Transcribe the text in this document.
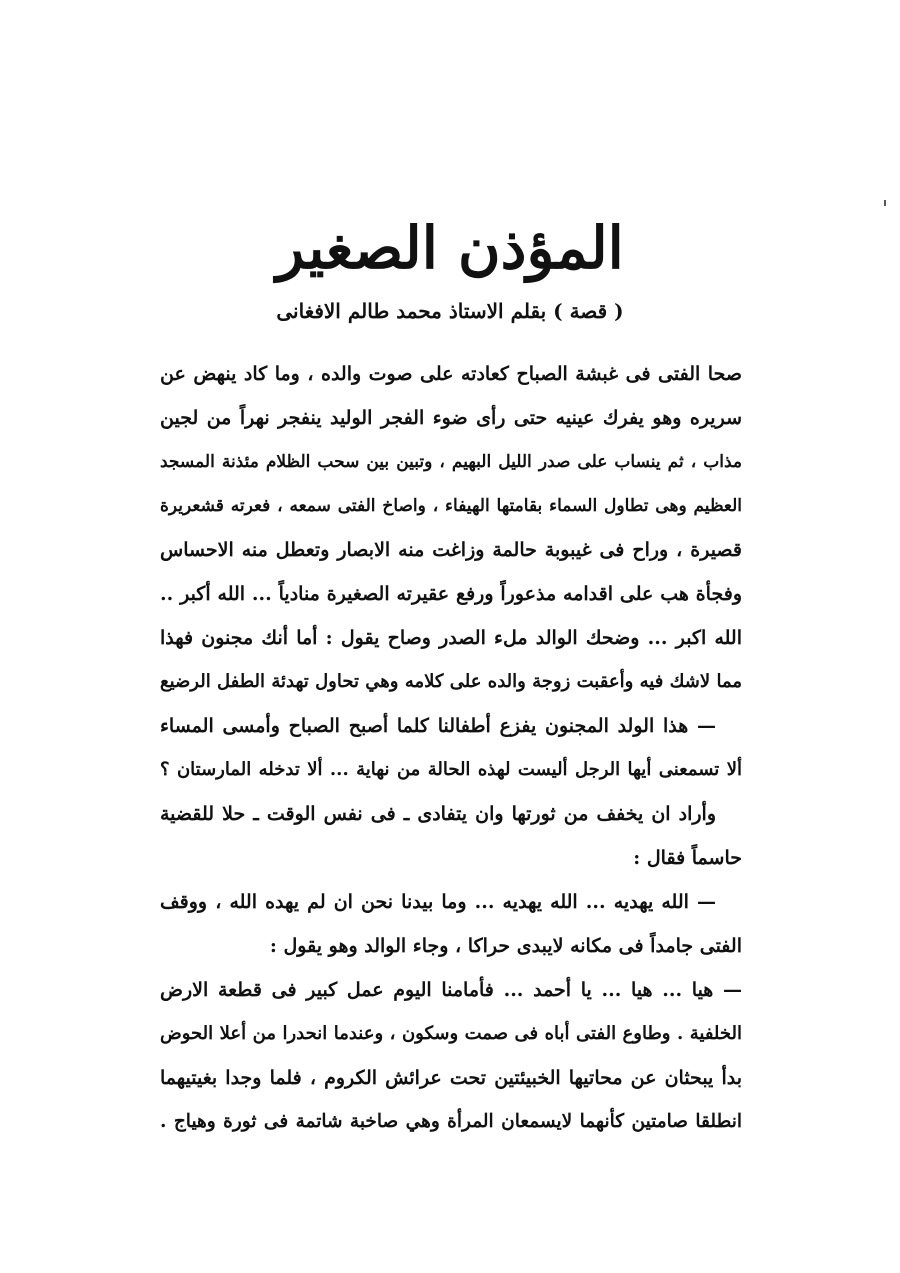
المؤذن الصغير
( قصة ) بقلم الاستاذ محمد طالم الافغانى
صحا الفتى فى غبشة الصباح كعادته على صوت والده ، وما كاد ينهض عن
سريره وهو يفرك عينيه حتى رأى ضوء الفجر الوليد ينفجر نهراً من لجين
مذاب ، ثم ينساب على صدر الليل البهيم ، وتبين بين سحب الظلام مئذنة المسجد
العظيم وهى تطاول السماء بقامتها الهيفاء ، واصاخ الفتى سمعه ، فعرته قشعريرة
قصيرة ، وراح فى غيبوبة حالمة وزاغت منه الابصار وتعطل منه الاحساس
وفجأة هب على اقدامه مذعوراً ورفع عقيرته الصغيرة منادياً ... الله أكبر ..
الله اكبر ... وضحك الوالد ملء الصدر وصاح يقول : أما أنك مجنون فهذا
مما لاشك فيه وأعقبت زوجة والده على كلامه وهي تحاول تهدئة الطفل الرضيع
— هذا الولد المجنون يفزع أطفالنا كلما أصبح الصباح وأمسى المساء
ألا تسمعنى أيها الرجل أليست لهذه الحالة من نهاية ... ألا تدخله المارستان ؟
وأراد ان يخفف من ثورتها وان يتفادى ـ فى نفس الوقت ـ حلا للقضية
حاسماً فقال :
— الله يهديه ... الله يهديه ... وما بيدنا نحن ان لم يهده الله ، ووقف
الفتى جامداً فى مكانه لايبدى حراكا ، وجاء الوالد وهو يقول :
— هيا ... هيا ... يا أحمد ... فأمامنا اليوم عمل كبير فى قطعة الارض
الخلفية . وطاوع الفتى أباه فى صمت وسكون ، وعندما انحدرا من أعلا الحوض
بدأ يبحثان عن محاتيها الخبيئتين تحت عرائش الكروم ، فلما وجدا بغيتيهما
انطلقا صامتين كأنهما لايسمعان المرأة وهي صاخبة شاتمة فى ثورة وهياج .
